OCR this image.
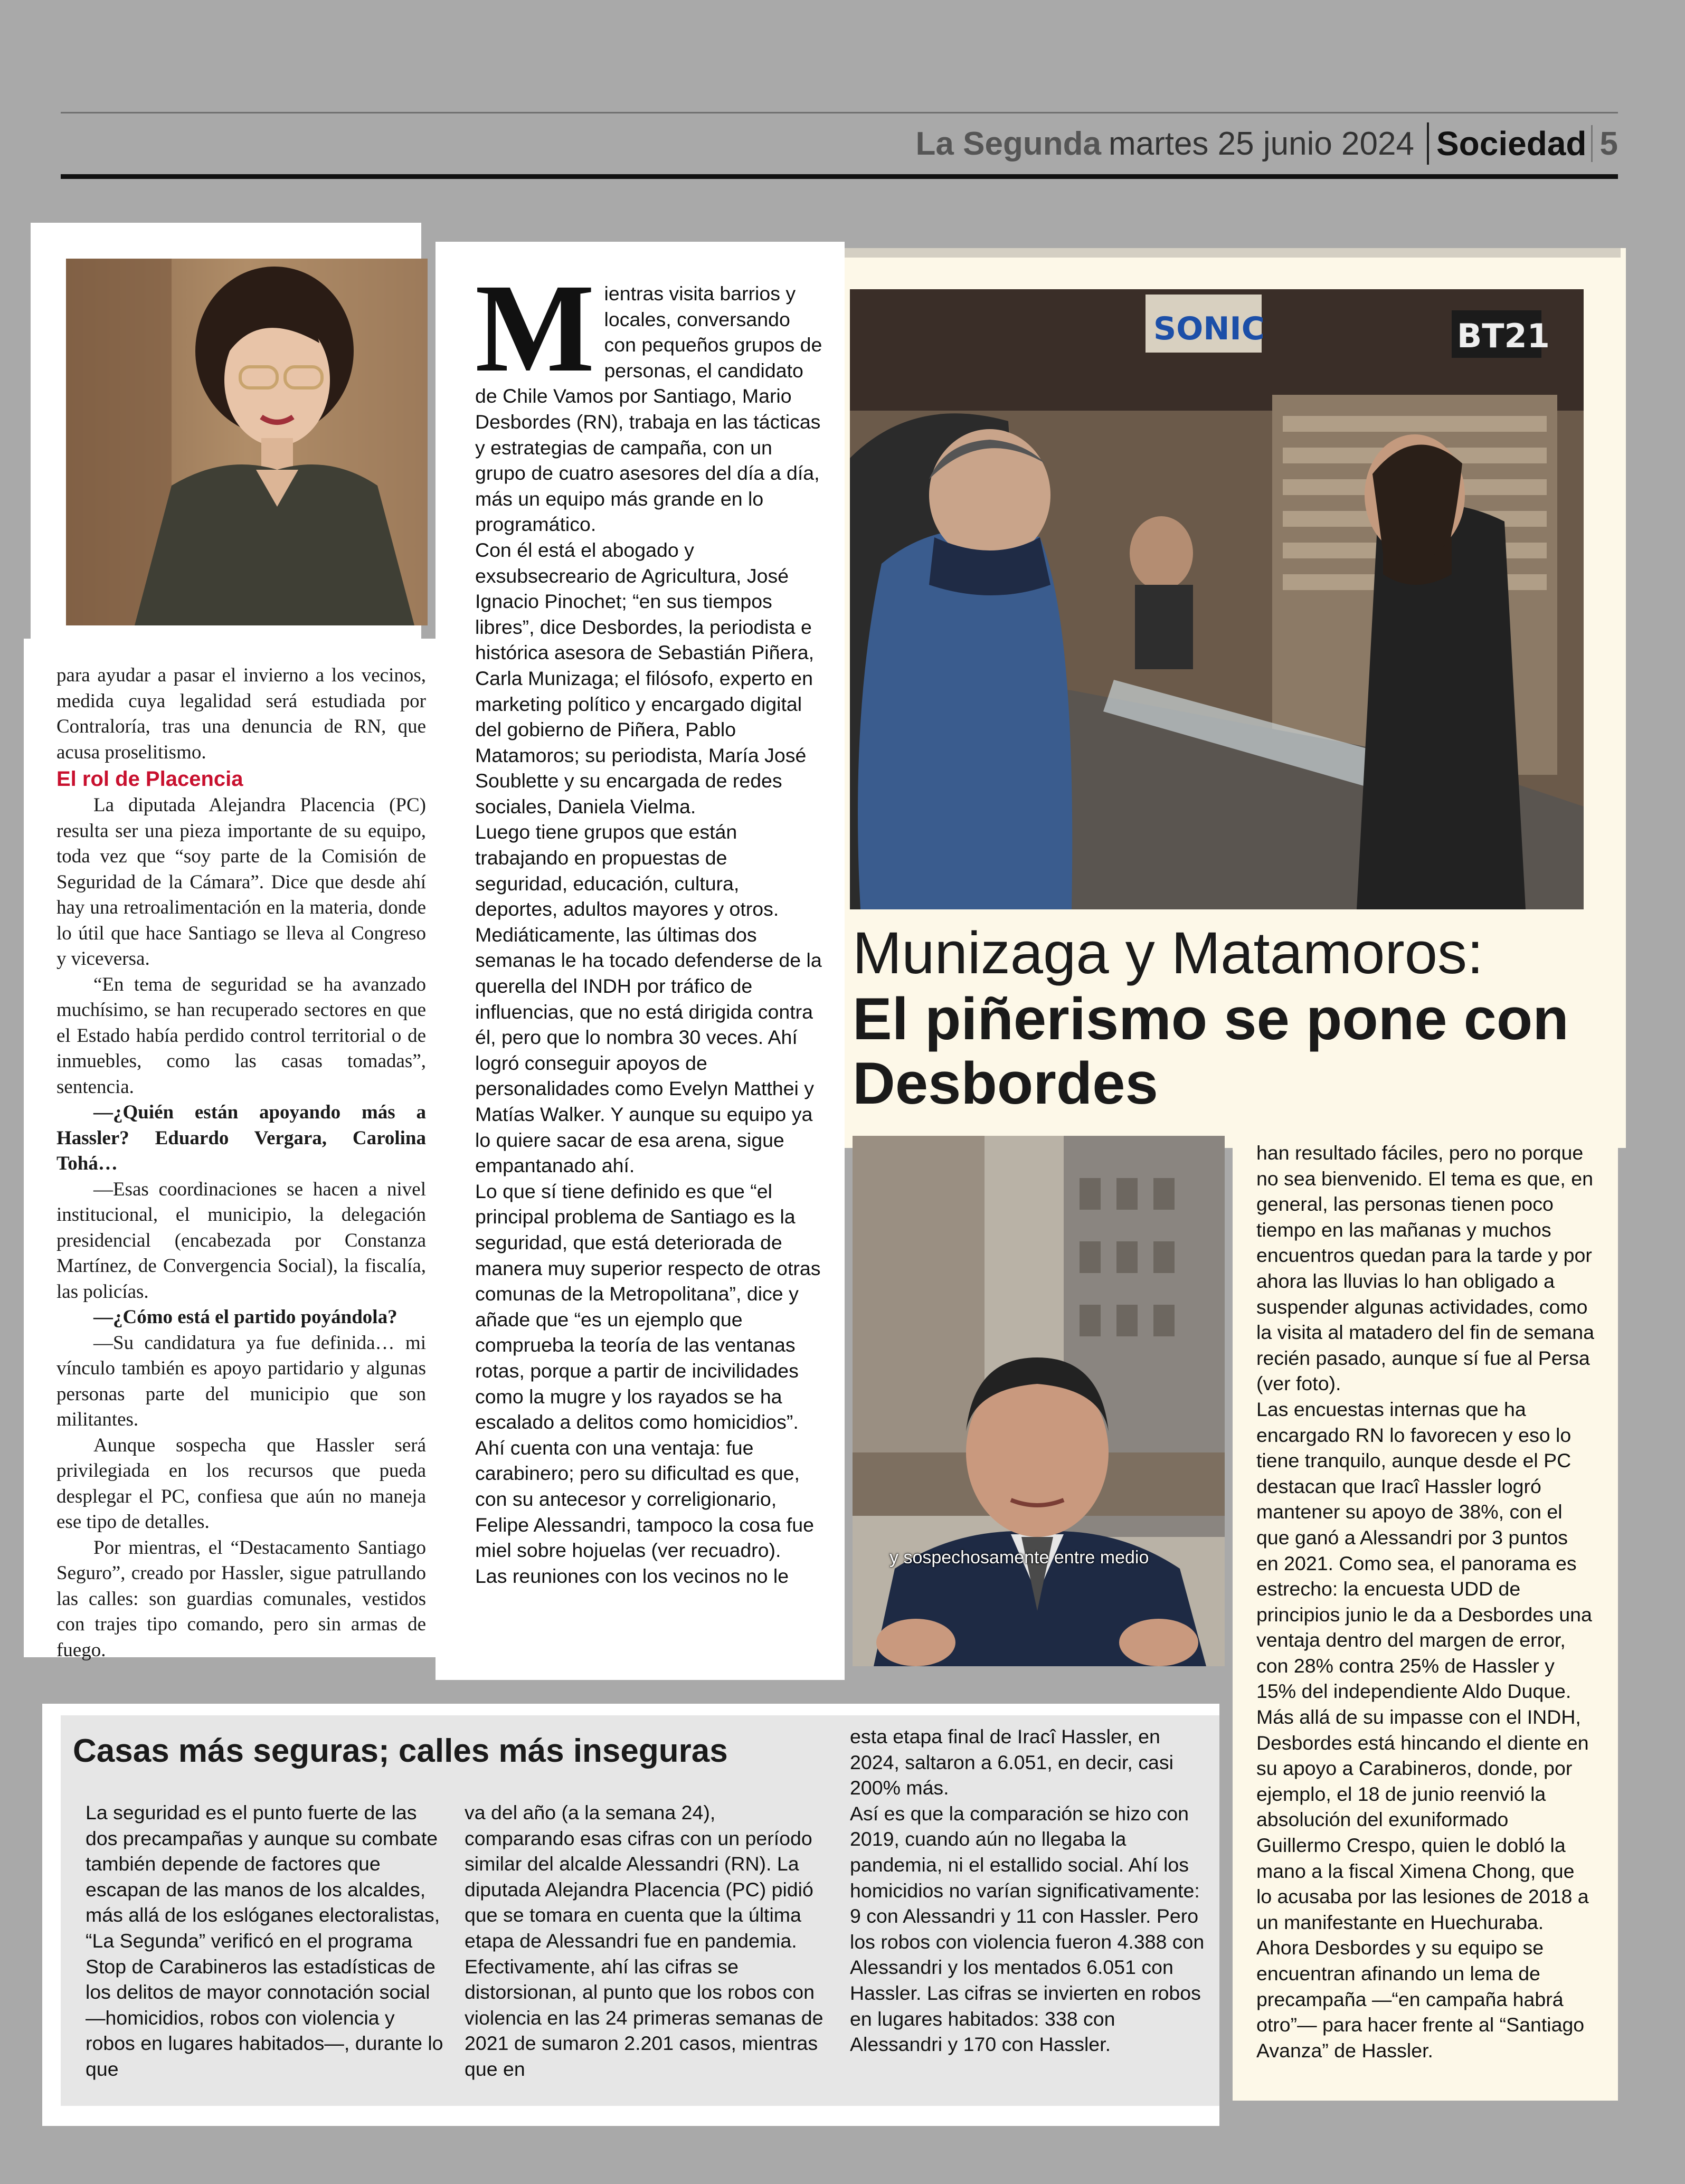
La Segunda martes 25 junio 2024 Sociedad 5

para ayudar a pasar el invierno a los vecinos, medida cuya legalidad será estudiada por Contraloría, tras una denuncia de RN, que acusa proselitismo.

El rol de Placencia

La diputada Alejandra Placencia (PC) resulta ser una pieza importante de su equipo, toda vez que “soy parte de la Comisión de Seguridad de la Cámara”. Dice que desde ahí hay una retroalimentación en la materia, donde lo útil que hace Santiago se lleva al Congreso y viceversa.

“En tema de seguridad se ha avanzado muchísimo, se han recuperado sectores en que el Estado había perdido control territorial o de inmuebles, como las casas tomadas”, sentencia.

—¿Quién están apoyando más a Hassler? Eduardo Vergara, Carolina Tohá…

—Esas coordinaciones se hacen a nivel institucional, el municipio, la delegación presidencial (encabezada por Constanza Martínez, de Convergencia Social), la fiscalía, las policías.

—¿Cómo está el partido poyándola?

—Su candidatura ya fue definida… mi vínculo también es apoyo partidario y algunas personas parte del municipio que son militantes.

Aunque sospecha que Hassler será privilegiada en los recursos que pueda desplegar el PC, confiesa que aún no maneja ese tipo de detalles.

Por mientras, el “Destacamento Santiago Seguro”, creado por Hassler, sigue patrullando las calles: son guardias comunales, vestidos con trajes tipo comando, pero sin armas de fuego.

M ientras visita barrios y locales, conversando con pequeños grupos de personas, el candidato de Chile Vamos por Santiago, Mario Desbordes (RN), trabaja en las tácticas y estrategias de campaña, con un grupo de cuatro asesores del día a día, más un equipo más grande en lo programático.

Con él está el abogado y exsubsecreario de Agricultura, José Ignacio Pinochet; “en sus tiempos libres”, dice Desbordes, la periodista e histórica asesora de Sebastián Piñera, Carla Munizaga; el filósofo, experto en marketing político y encargado digital del gobierno de Piñera, Pablo Matamoros; su periodista, María José Soublette y su encargada de redes sociales, Daniela Vielma.

Luego tiene grupos que están trabajando en propuestas de seguridad, educación, cultura, deportes, adultos mayores y otros.

Mediáticamente, las últimas dos semanas le ha tocado defenderse de la querella del INDH por tráfico de influencias, que no está dirigida contra él, pero que lo nombra 30 veces. Ahí logró conseguir apoyos de personalidades como Evelyn Matthei y Matías Walker. Y aunque su equipo ya lo quiere sacar de esa arena, sigue empantanado ahí.

Lo que sí tiene definido es que “el principal problema de Santiago es la seguridad, que está deteriorada de manera muy superior respecto de otras comunas de la Metropolitana”, dice y añade que “es un ejemplo que comprueba la teoría de las ventanas rotas, porque a partir de incivilidades como la mugre y los rayados se ha escalado a delitos como homicidios”.

Ahí cuenta con una ventaja: fue carabinero; pero su dificultad es que, con su antecesor y correligionario, Felipe Alessandri, tampoco la cosa fue miel sobre hojuelas (ver recuadro).

Las reuniones con los vecinos no le

SONIC	BT21
Munizaga y Matamoros:
El piñerismo se pone con Desbordes
y sospechosamente entre medio

han resultado fáciles, pero no porque no sea bienvenido. El tema es que, en general, las personas tienen poco tiempo en las mañanas y muchos encuentros quedan para la tarde y por ahora las lluvias lo han obligado a suspender algunas actividades, como la visita al matadero del fin de semana recién pasado, aunque sí fue al Persa (ver foto).

Las encuestas internas que ha encargado RN lo favorecen y eso lo tiene tranquilo, aunque desde el PC destacan que Iracî Hassler logró mantener su apoyo de 38%, con el que ganó a Alessandri por 3 puntos en 2021. Como sea, el panorama es estrecho: la encuesta UDD de principios junio le da a Desbordes una ventaja dentro del margen de error, con 28% contra 25% de Hassler y 15% del independiente Aldo Duque.

Más allá de su impasse con el INDH, Desbordes está hincando el diente en su apoyo a Carabineros, donde, por ejemplo, el 18 de junio reenvió la absolución del exuniformado Guillermo Crespo, quien le dobló la mano a la fiscal Ximena Chong, que lo acusaba por las lesiones de 2018 a un manifestante en Huechuraba.

Ahora Desbordes y su equipo se encuentran afinando un lema de precampaña —“en campaña habrá otro”— para hacer frente al “Santiago Avanza” de Hassler.

Casas más seguras; calles más inseguras

La seguridad es el punto fuerte de las dos precampañas y aunque su combate también depende de factores que escapan de las manos de los alcaldes, más allá de los eslóganes electoralistas, “La Segunda” verificó en el programa Stop de Carabineros las estadísticas de los delitos de mayor connotación social —homicidios, robos con violencia y robos en lugares habitados—, durante lo que

va del año (a la semana 24), comparando esas cifras con un período similar del alcalde Alessandri (RN). La diputada Alejandra Placencia (PC) pidió que se tomara en cuenta que la última etapa de Alessandri fue en pandemia. Efectivamente, ahí las cifras se distorsionan, al punto que los robos con violencia en las 24 primeras semanas de 2021 de sumaron 2.201 casos, mientras que en

esta etapa final de Iracî Hassler, en 2024, saltaron a 6.051, en decir, casi 200% más.

Así es que la comparación se hizo con 2019, cuando aún no llegaba la pandemia, ni el estallido social. Ahí los homicidios no varían significativamente: 9 con Alessandri y 11 con Hassler. Pero los robos con violencia fueron 4.388 con Alessandri y los mentados 6.051 con Hassler. Las cifras se invierten en robos en lugares habitados: 338 con Alessandri y 170 con Hassler.
